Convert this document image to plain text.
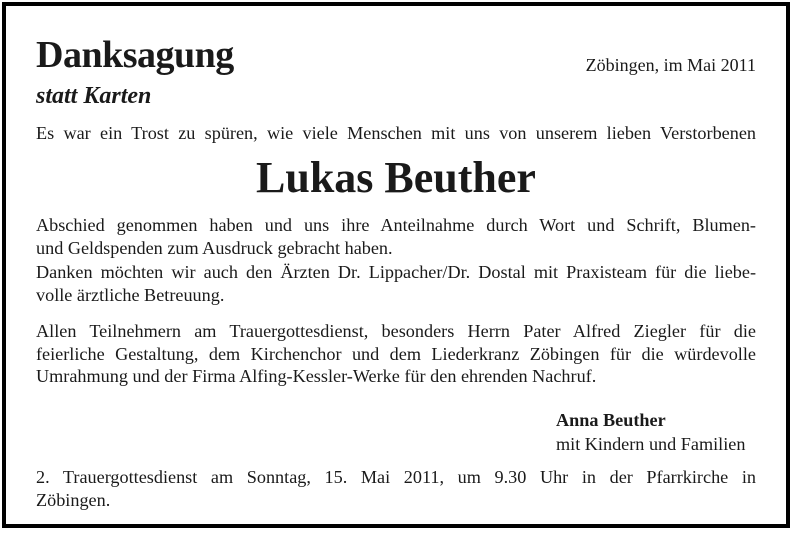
Danksagung
statt Karten
Zöbingen, im Mai 2011
Es war ein Trost zu spüren, wie viele Menschen mit uns von unserem lieben Verstorbenen
Lukas Beuther
Abschied genommen haben und uns ihre Anteilnahme durch Wort und Schrift, Blumen-
und Geldspenden zum Ausdruck gebracht haben.
Danken möchten wir auch den Ärzten Dr. Lippacher/Dr. Dostal mit Praxisteam für die liebe-
volle ärztliche Betreuung.
Allen Teilnehmern am Trauergottesdienst, besonders Herrn Pater Alfred Ziegler für die
feierliche Gestaltung, dem Kirchenchor und dem Liederkranz Zöbingen für die würdevolle
Umrahmung und der Firma Alfing-Kessler-Werke für den ehrenden Nachruf.
Anna Beuther
mit Kindern und Familien
2. Trauergottesdienst am Sonntag, 15. Mai 2011, um 9.30 Uhr in der Pfarrkirche in
Zöbingen.
